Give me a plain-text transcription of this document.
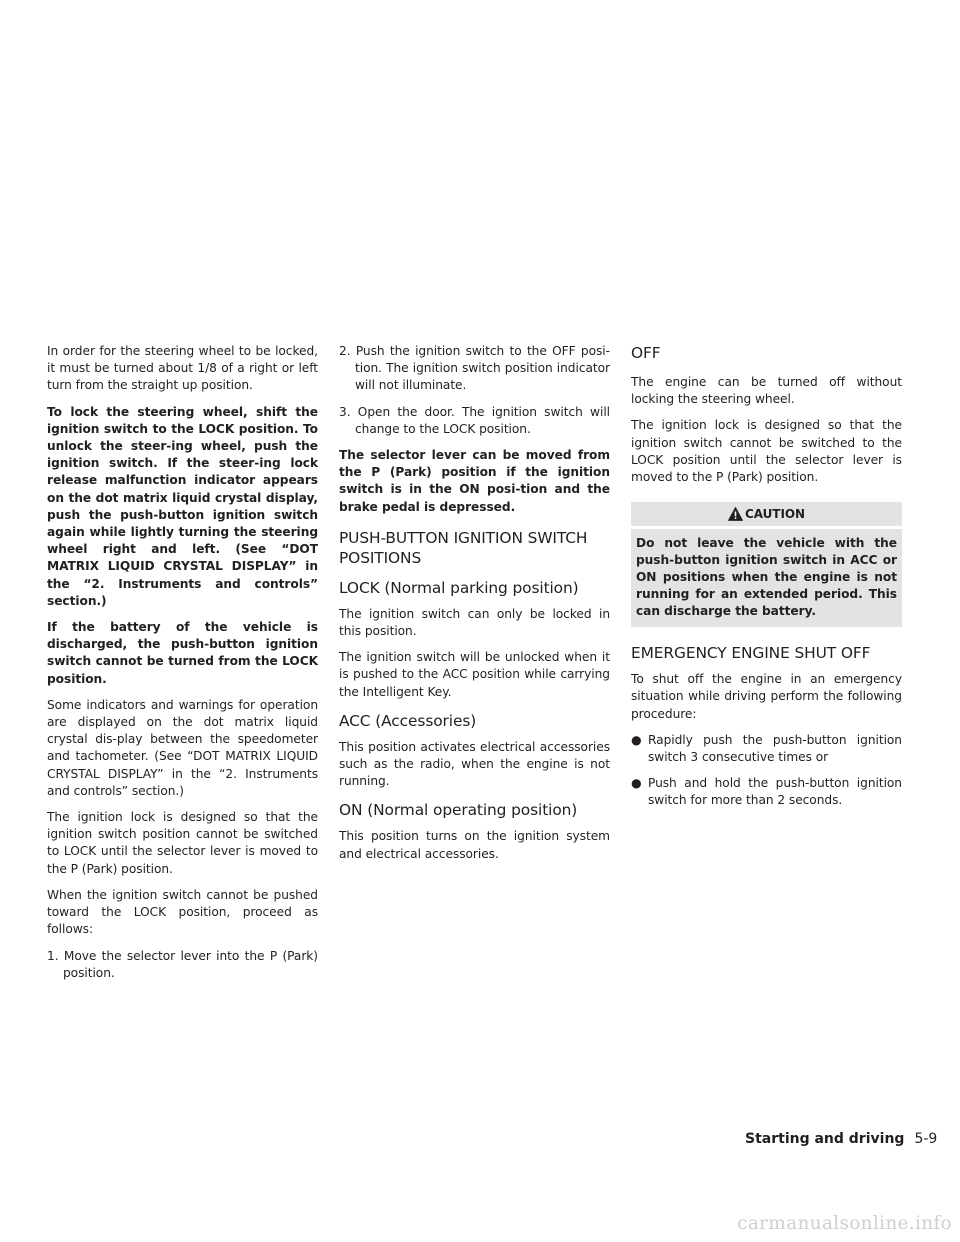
In order for the steering wheel to be locked, it must be turned about 1/8 of a right or left turn from the straight up position.

To lock the steering wheel, shift the ignition switch to the LOCK position. To unlock the steer-ing wheel, push the ignition switch. If the steer-ing lock release malfunction indicator appears on the dot matrix liquid crystal display, push the push-button ignition switch again while lightly turning the steering wheel right and left. (See “DOT MATRIX LIQUID CRYSTAL DISPLAY” in the “2. Instruments and controls” section.)

If the battery of the vehicle is discharged, the push-button ignition switch cannot be turned from the LOCK position.

Some indicators and warnings for operation are displayed on the dot matrix liquid crystal dis-play between the speedometer and tachometer. (See “DOT MATRIX LIQUID CRYSTAL DISPLAY” in the “2. Instruments and controls” section.)

The ignition lock is designed so that the ignition switch position cannot be switched to LOCK until the selector lever is moved to the P (Park) position.

When the ignition switch cannot be pushed toward the LOCK position, proceed as follows:

1. Move the selector lever into the P (Park) position.
2. Push the ignition switch to the OFF posi-tion. The ignition switch position indicator will not illuminate.
3. Open the door. The ignition switch will change to the LOCK position.

The selector lever can be moved from the P (Park) position if the ignition switch is in the ON posi-tion and the brake pedal is depressed.

PUSH-BUTTON IGNITION SWITCH POSITIONS
LOCK (Normal parking position)

The ignition switch can only be locked in this position.

The ignition switch will be unlocked when it is pushed to the ACC position while carrying the Intelligent Key.

ACC (Accessories)

This position activates electrical accessories such as the radio, when the engine is not running.

ON (Normal operating position)

This position turns on the ignition system and electrical accessories.

OFF

The engine can be turned off without locking the steering wheel.

The ignition lock is designed so that the ignition switch cannot be switched to the LOCK position until the selector lever is moved to the P (Park) position.

CAUTION
Do not leave the vehicle with the push-button ignition switch in ACC or ON positions when the engine is not running for an extended period. This can discharge the battery.
EMERGENCY ENGINE SHUT OFF

To shut off the engine in an emergency situation while driving perform the following procedure:

● Rapidly push the push-button ignition switch 3 consecutive times or
● Push and hold the push-button ignition switch for more than 2 seconds.
Starting and driving 5-9
carmanualsonline.info
